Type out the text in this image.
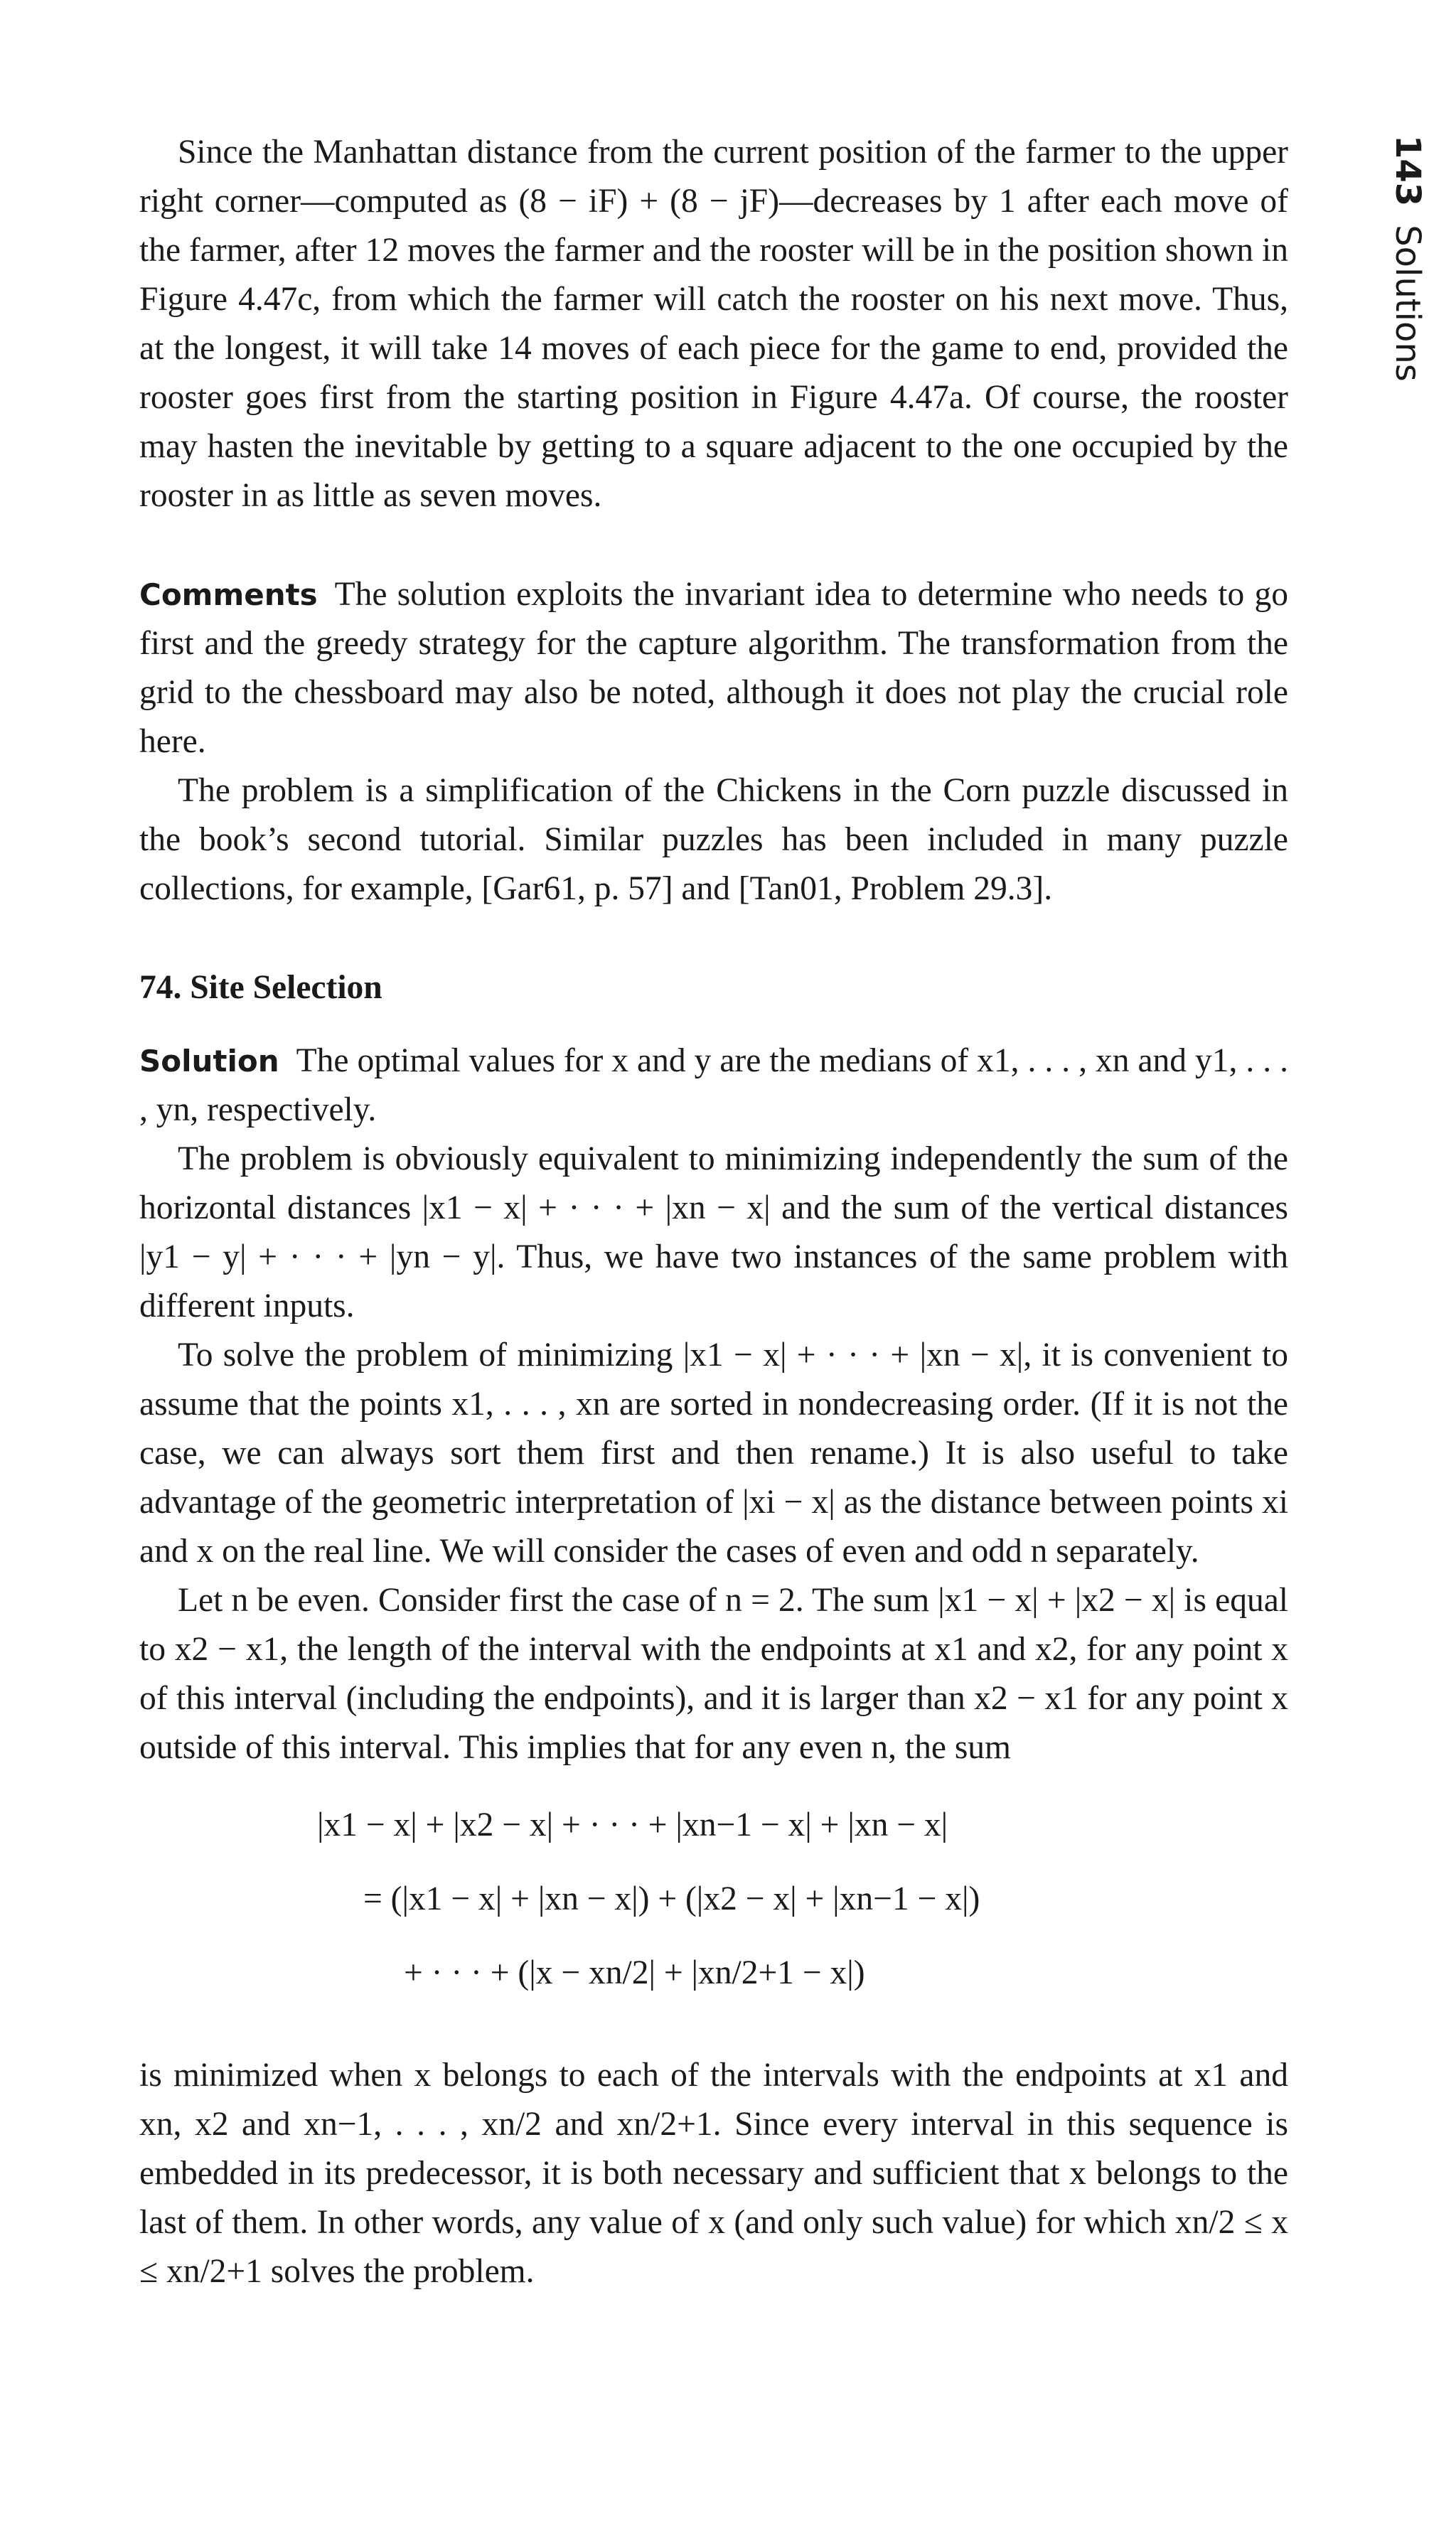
143
Solutions

Since the Manhattan distance from the current position of the farmer to the upper right corner—computed as (8 − iF) + (8 − jF)—decreases by 1 after each move of the farmer, after 12 moves the farmer and the rooster will be in the position shown in Figure 4.47c, from which the farmer will catch the rooster on his next move. Thus, at the longest, it will take 14 moves of each piece for the game to end, provided the rooster goes first from the starting position in Figure 4.47a. Of course, the rooster may hasten the inevitable by getting to a square adjacent to the one occupied by the rooster in as little as seven moves.

Comments The solution exploits the invariant idea to determine who needs to go first and the greedy strategy for the capture algorithm. The transformation from the grid to the chessboard may also be noted, although it does not play the crucial role here.

The problem is a simplification of the Chickens in the Corn puzzle discussed in the book’s second tutorial. Similar puzzles has been included in many puzzle collections, for example, [Gar61, p. 57] and [Tan01, Problem 29.3].

74. Site Selection

Solution The optimal values for x and y are the medians of x1, . . . , xn and y1, . . . , yn, respectively.

The problem is obviously equivalent to minimizing independently the sum of the horizontal distances |x1 − x| + · · · + |xn − x| and the sum of the vertical distances |y1 − y| + · · · + |yn − y|. Thus, we have two instances of the same problem with different inputs.

To solve the problem of minimizing |x1 − x| + · · · + |xn − x|, it is convenient to assume that the points x1, . . . , xn are sorted in nondecreasing order. (If it is not the case, we can always sort them first and then rename.) It is also useful to take advantage of the geometric interpretation of |xi − x| as the distance between points xi and x on the real line. We will consider the cases of even and odd n separately.

Let n be even. Consider first the case of n = 2. The sum |x1 − x| + |x2 − x| is equal to x2 − x1, the length of the interval with the endpoints at x1 and x2, for any point x of this interval (including the endpoints), and it is larger than x2 − x1 for any point x outside of this interval. This implies that for any even n, the sum

|x1 − x| + |x2 − x| + · · · + |xn−1 − x| + |xn − x|
= (|x1 − x| + |xn − x|) + (|x2 − x| + |xn−1 − x|)
+ · · · + (|x − xn/2| + |xn/2+1 − x|)

is minimized when x belongs to each of the intervals with the endpoints at x1 and xn, x2 and xn−1, . . . , xn/2 and xn/2+1. Since every interval in this sequence is embedded in its predecessor, it is both necessary and sufficient that x belongs to the last of them. In other words, any value of x (and only such value) for which xn/2 ≤ x ≤ xn/2+1 solves the problem.
